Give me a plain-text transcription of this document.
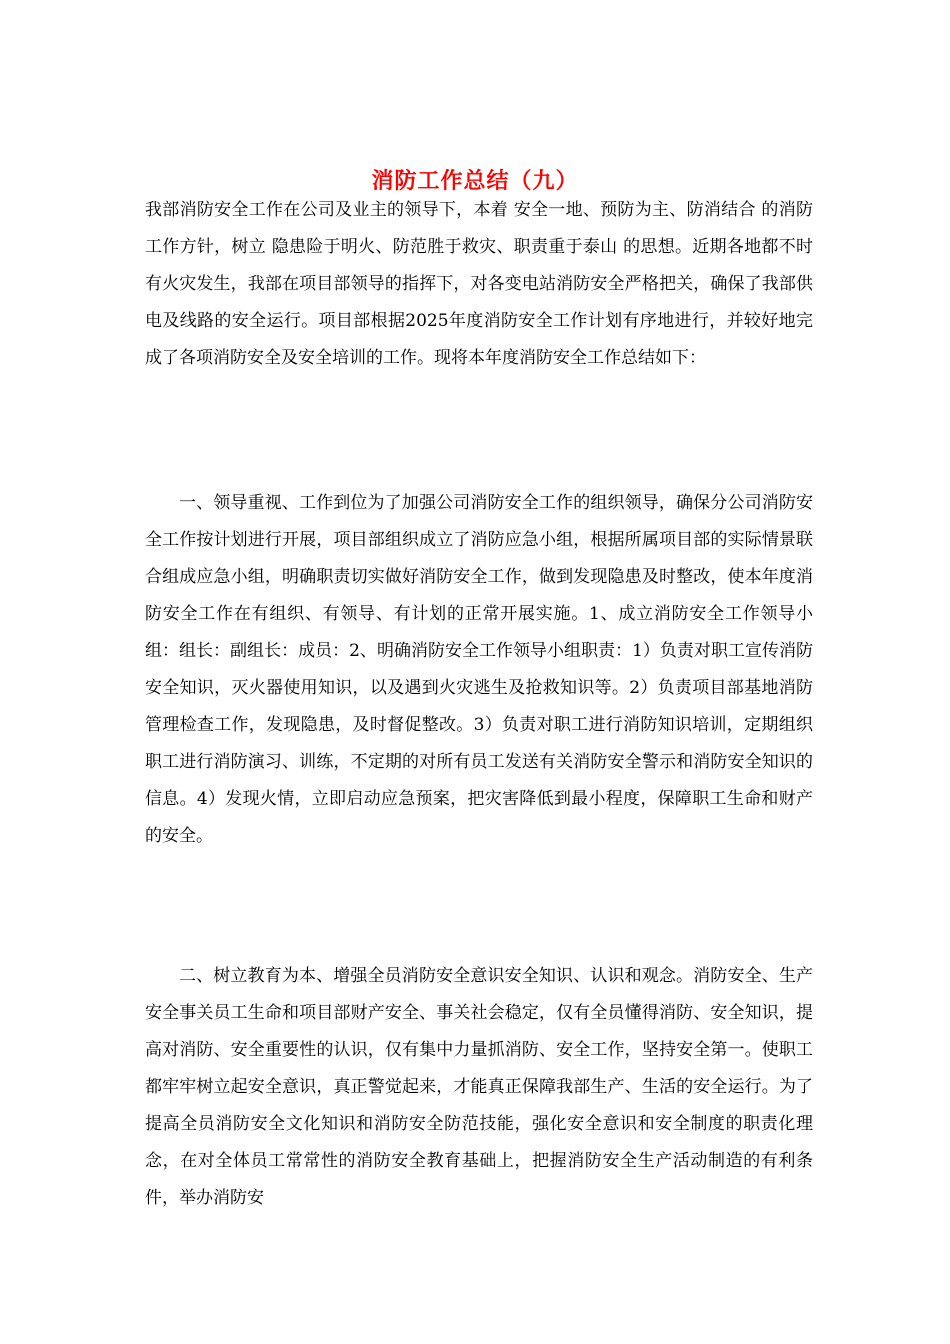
消防工作总结（九）

我部消防安全工作在公司及业主的领导下，本着 安全一地、预防为主、防消结合 的消防工作方针，树立 隐患险于明火、防范胜于救灾、职责重于泰山 的思想。近期各地都不时有火灾发生，我部在项目部领导的指挥下，对各变电站消防安全严格把关，确保了我部供电及线路的安全运行。项目部根据2025年度消防安全工作计划有序地进行，并较好地完成了各项消防安全及安全培训的工作。现将本年度消防安全工作总结如下：

一、领导重视、工作到位为了加强公司消防安全工作的组织领导，确保分公司消防安全工作按计划进行开展，项目部组织成立了消防应急小组，根据所属项目部的实际情景联合组成应急小组，明确职责切实做好消防安全工作，做到发现隐患及时整改，使本年度消防安全工作在有组织、有领导、有计划的正常开展实施。1、成立消防安全工作领导小组：组长：副组长：成员：2、明确消防安全工作领导小组职责：1）负责对职工宣传消防安全知识，灭火器使用知识，以及遇到火灾逃生及抢救知识等。2）负责项目部基地消防管理检查工作，发现隐患，及时督促整改。3）负责对职工进行消防知识培训，定期组织职工进行消防演习、训练，不定期的对所有员工发送有关消防安全警示和消防安全知识的信息。4）发现火情，立即启动应急预案，把灾害降低到最小程度，保障职工生命和财产的安全。

二、树立教育为本、增强全员消防安全意识安全知识、认识和观念。消防安全、生产安全事关员工生命和项目部财产安全、事关社会稳定，仅有全员懂得消防、安全知识，提高对消防、安全重要性的认识，仅有集中力量抓消防、安全工作，坚持安全第一。使职工都牢牢树立起安全意识，真正警觉起来，才能真正保障我部生产、生活的安全运行。为了提高全员消防安全文化知识和消防安全防范技能，强化安全意识和安全制度的职责化理念，在对全体员工常常性的消防安全教育基础上，把握消防安全生产活动制造的有利条件，举办消防安
